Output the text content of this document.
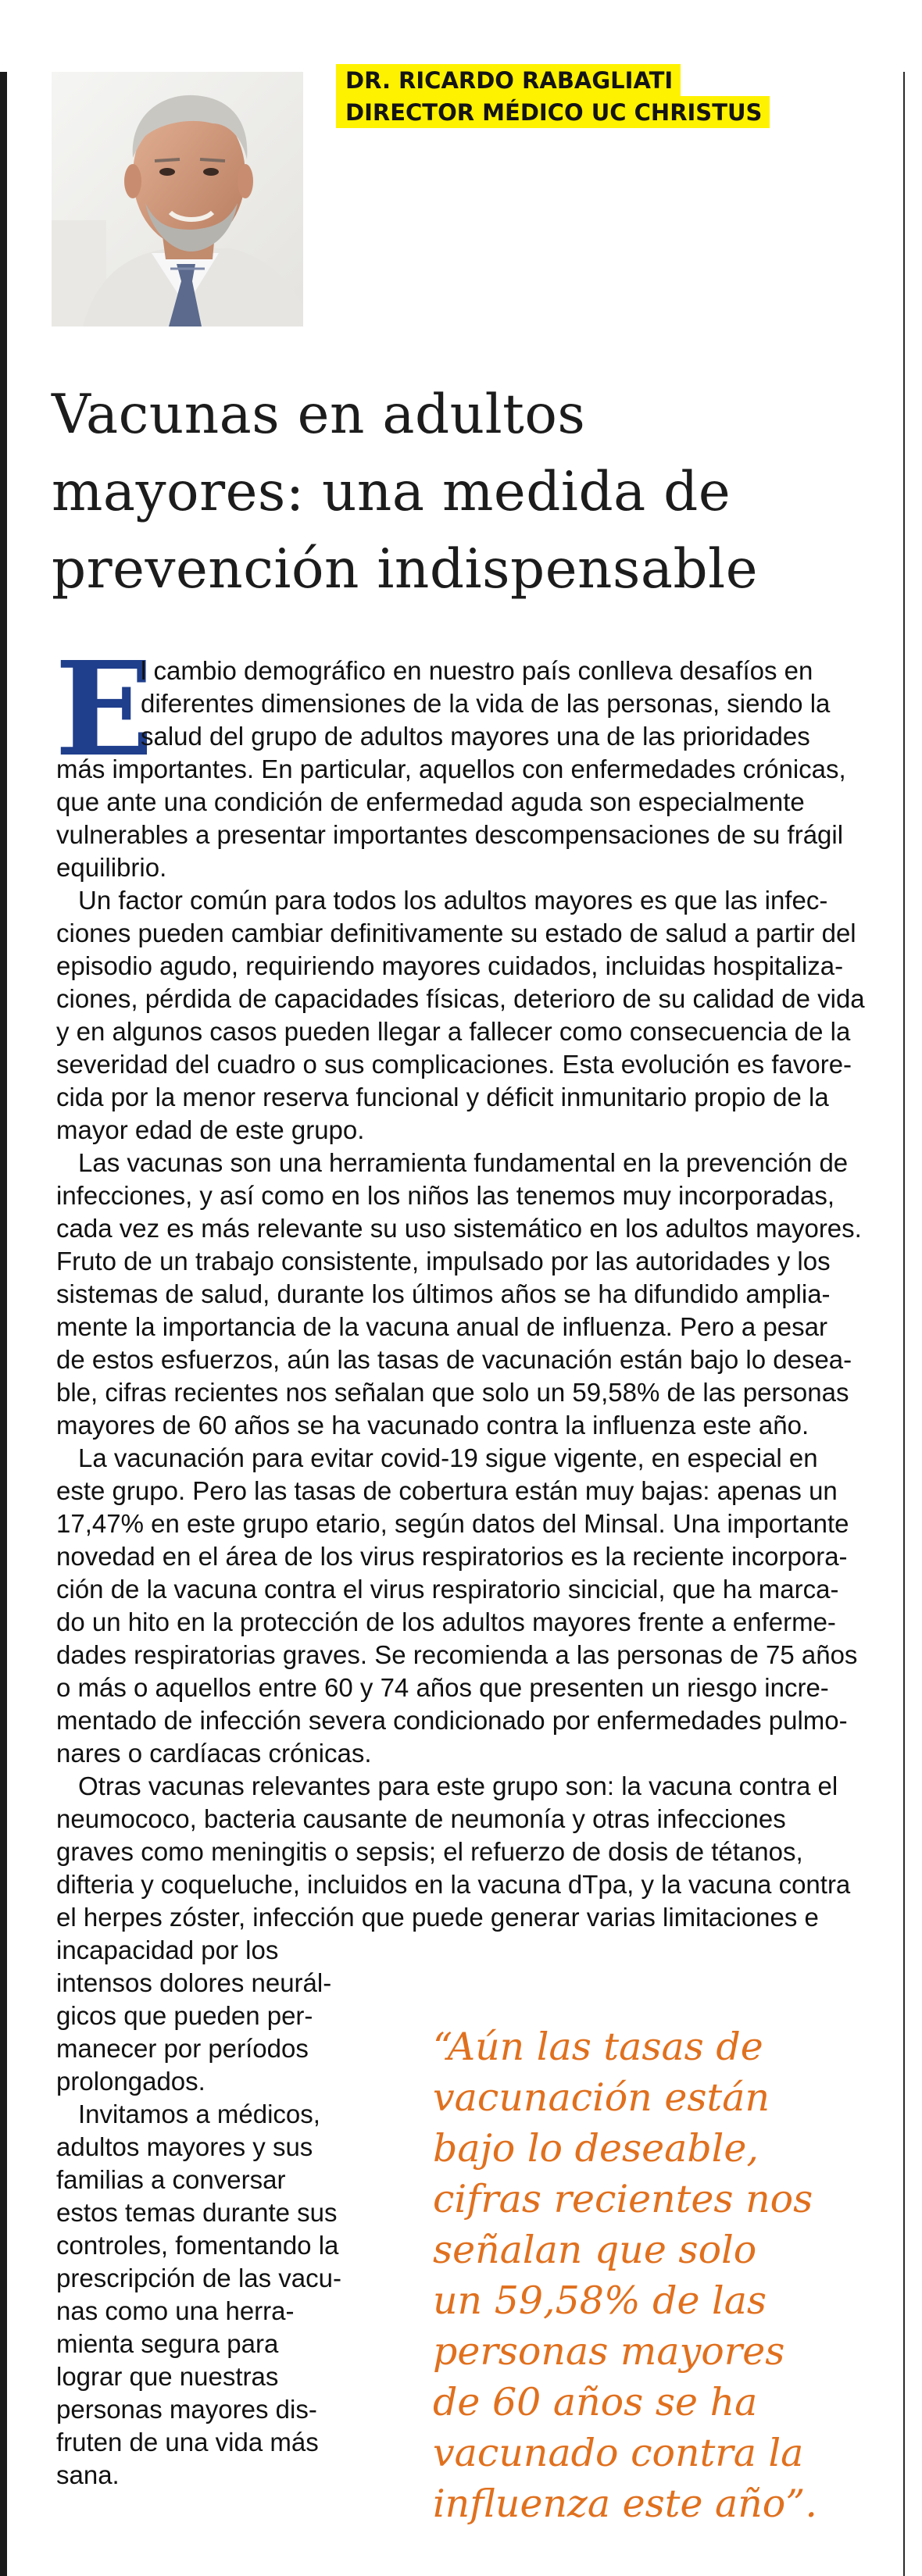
DR. RICARDO RABAGLIATI
DIRECTOR MÉDICO UC CHRISTUS
Vacunas en adultos
mayores: una medida de
prevención indispensable
E
l cambio demográfico en nuestro país conlleva desafíos en
diferentes dimensiones de la vida de las personas, siendo la
salud del grupo de adultos mayores una de las prioridades
más importantes. En particular, aquellos con enfermedades crónicas,
que ante una condición de enfermedad aguda son especialmente
vulnerables a presentar importantes descompensaciones de su frágil
equilibrio.
Un factor común para todos los adultos mayores es que las infec-
ciones pueden cambiar definitivamente su estado de salud a partir del
episodio agudo, requiriendo mayores cuidados, incluidas hospitaliza-
ciones, pérdida de capacidades físicas, deterioro de su calidad de vida
y en algunos casos pueden llegar a fallecer como consecuencia de la
severidad del cuadro o sus complicaciones. Esta evolución es favore-
cida por la menor reserva funcional y déficit inmunitario propio de la
mayor edad de este grupo.
Las vacunas son una herramienta fundamental en la prevención de
infecciones, y así como en los niños las tenemos muy incorporadas,
cada vez es más relevante su uso sistemático en los adultos mayores.
Fruto de un trabajo consistente, impulsado por las autoridades y los
sistemas de salud, durante los últimos años se ha difundido amplia-
mente la importancia de la vacuna anual de influenza. Pero a pesar
de estos esfuerzos, aún las tasas de vacunación están bajo lo desea-
ble, cifras recientes nos señalan que solo un 59,58% de las personas
mayores de 60 años se ha vacunado contra la influenza este año.
La vacunación para evitar covid-19 sigue vigente, en especial en
este grupo. Pero las tasas de cobertura están muy bajas: apenas un
17,47% en este grupo etario, según datos del Minsal. Una importante
novedad en el área de los virus respiratorios es la reciente incorpora-
ción de la vacuna contra el virus respiratorio sincicial, que ha marca-
do un hito en la protección de los adultos mayores frente a enferme-
dades respiratorias graves. Se recomienda a las personas de 75 años
o más o aquellos entre 60 y 74 años que presenten un riesgo incre-
mentado de infección severa condicionado por enfermedades pulmo-
nares o cardíacas crónicas.
Otras vacunas relevantes para este grupo son: la vacuna contra el
neumococo, bacteria causante de neumonía y otras infecciones
graves como meningitis o sepsis; el refuerzo de dosis de tétanos,
difteria y coqueluche, incluidos en la vacuna dTpa, y la vacuna contra
el herpes zóster, infección que puede generar varias limitaciones e
incapacidad por los
intensos dolores neurál-
gicos que pueden per-
manecer por períodos
prolongados.
Invitamos a médicos,
adultos mayores y sus
familias a conversar
estos temas durante sus
controles, fomentando la
prescripción de las vacu-
nas como una herra-
mienta segura para
lograr que nuestras
personas mayores dis-
fruten de una vida más
sana.
“Aún las tasas de
vacunación están
bajo lo deseable,
cifras recientes nos
señalan que solo
un 59,58% de las
personas mayores
de 60 años se ha
vacunado contra la
influenza este año”.
